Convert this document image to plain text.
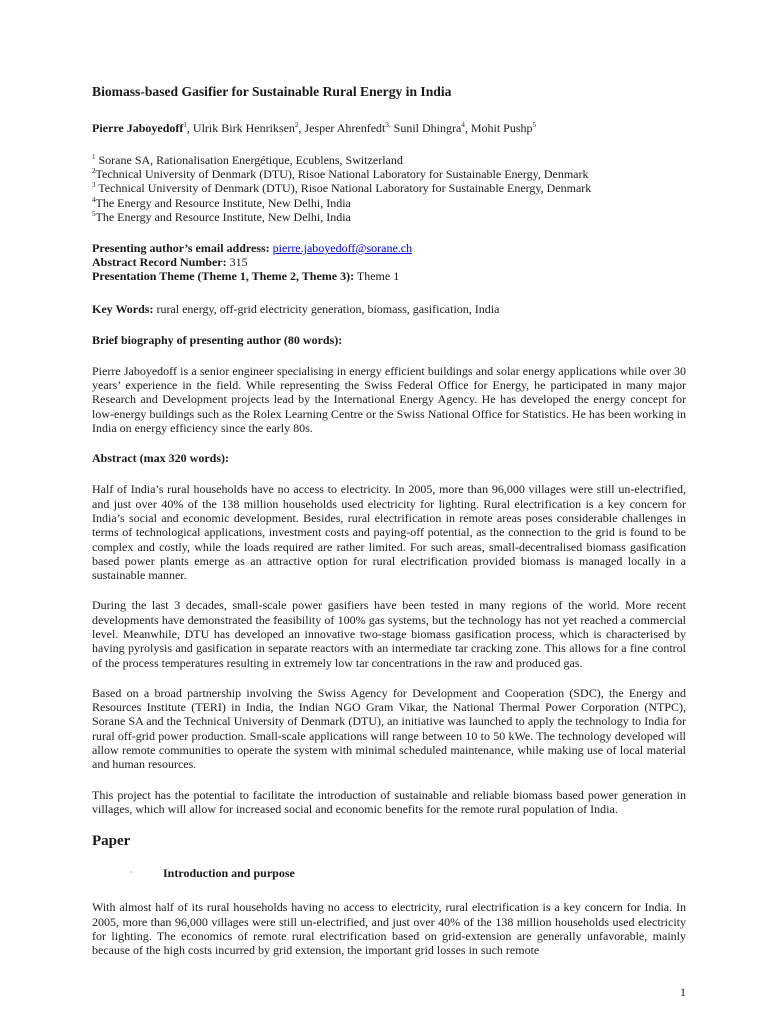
Biomass-based Gasifier for Sustainable Rural Energy in India
Pierre Jaboyedoff$^1$, Ulrik Birk Henriksen$^2$, Jesper Ahrenfedt$^{3,}$ Sunil Dhingra$^4$, Mohit Pushp$^5$
$^1$ Sorane SA, Rationalisation Energétique, Ecublens, Switzerland
$^2$Technical University of Denmark (DTU), Risoe National Laboratory for Sustainable Energy, Denmark
$^3$ Technical University of Denmark (DTU), Risoe National Laboratory for Sustainable Energy, Denmark
$^4$The Energy and Resource Institute, New Delhi, India
$^5$The Energy and Resource Institute, New Delhi, India
Presenting author’s email address: pierre.jaboyedoff@sorane.ch
Abstract Record Number: 315
Presentation Theme (Theme 1, Theme 2, Theme 3): Theme 1
Key Words: rural energy, off-grid electricity generation, biomass, gasification, India
Brief biography of presenting author (80 words):

Pierre Jaboyedoff is a senior engineer specialising in energy efficient buildings and solar energy applications while over 30 years’ experience in the field. While representing the Swiss Federal Office for Energy, he participated in many major Research and Development projects lead by the International Energy Agency. He has developed the energy concept for low-energy buildings such as the Rolex Learning Centre or the Swiss National Office for Statistics. He has been working in India on energy efficiency since the early 80s.

Abstract (max 320 words):

Half of India’s rural households have no access to electricity. In 2005, more than 96,000 villages were still un-electrified, and just over 40% of the 138 million households used electricity for lighting. Rural electrification is a key concern for India’s social and economic development. Besides, rural electrification in remote areas poses considerable challenges in terms of technological applications, investment costs and paying-off potential, as the connection to the grid is found to be complex and costly, while the loads required are rather limited. For such areas, small-decentralised biomass gasification based power plants emerge as an attractive option for rural electrification provided biomass is managed locally in a sustainable manner.

During the last 3 decades, small-scale power gasifiers have been tested in many regions of the world. More recent developments have demonstrated the feasibility of 100% gas systems, but the technology has not yet reached a commercial level. Meanwhile, DTU has developed an innovative two-stage biomass gasification process, which is characterised by having pyrolysis and gasification in separate reactors with an intermediate tar cracking zone. This allows for a fine control of the process temperatures resulting in extremely low tar concentrations in the raw and produced gas.

Based on a broad partnership involving the Swiss Agency for Development and Cooperation (SDC), the Energy and Resources Institute (TERI) in India, the Indian NGO Gram Vikar, the National Thermal Power Corporation (NTPC), Sorane SA and the Technical University of Denmark (DTU), an initiative was launched to apply the technology to India for rural off-grid power production. Small-scale applications will range between 10 to 50 kWe. The technology developed will allow remote communities to operate the system with minimal scheduled maintenance, while making use of local material and human resources.

This project has the potential to facilitate the introduction of sustainable and reliable biomass based power generation in villages, which will allow for increased social and economic benefits for the remote rural population of India.

Paper
·	Introduction and purpose

With almost half of its rural households having no access to electricity, rural electrification is a key concern for India. In 2005, more than 96,000 villages were still un-electrified, and just over 40% of the 138 million households used electricity for lighting. The economics of remote rural electrification based on grid-extension are generally unfavorable, mainly because of the high costs incurred by grid extension, the important grid losses in such remote

1
